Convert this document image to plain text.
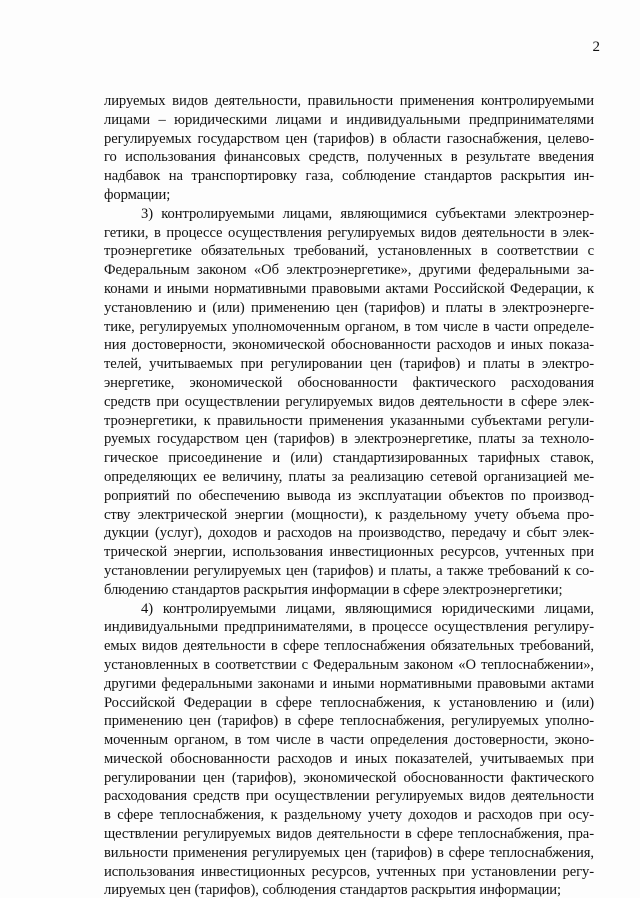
2
лируемых видов деятельности, правильности применения контролируемыми
лицами – юридическими лицами и индивидуальными предпринимателями
регулируемых государством цен (тарифов) в области газоснабжения, целево-
го использования финансовых средств, полученных в результате введения
надбавок на транспортировку газа, соблюдение стандартов раскрытия ин-
формации;
3) контролируемыми лицами, являющимися субъектами электроэнер-
гетики, в процессе осуществления регулируемых видов деятельности в элек-
троэнергетике обязательных требований, установленных в соответствии с
Федеральным законом «Об электроэнергетике», другими федеральными за-
конами и иными нормативными правовыми актами Российской Федерации, к
установлению и (или) применению цен (тарифов) и платы в электроэнерге-
тике, регулируемых уполномоченным органом, в том числе в части определе-
ния достоверности, экономической обоснованности расходов и иных показа-
телей, учитываемых при регулировании цен (тарифов) и платы в электро-
энергетике, экономической обоснованности фактического расходования
средств при осуществлении регулируемых видов деятельности в сфере элек-
троэнергетики, к правильности применения указанными субъектами регули-
руемых государством цен (тарифов) в электроэнергетике, платы за техноло-
гическое присоединение и (или) стандартизированных тарифных ставок,
определяющих ее величину, платы за реализацию сетевой организацией ме-
роприятий по обеспечению вывода из эксплуатации объектов по производ-
ству электрической энергии (мощности), к раздельному учету объема про-
дукции (услуг), доходов и расходов на производство, передачу и сбыт элек-
трической энергии, использования инвестиционных ресурсов, учтенных при
установлении регулируемых цен (тарифов) и платы, а также требований к со-
блюдению стандартов раскрытия информации в сфере электроэнергетики;
4) контролируемыми лицами, являющимися юридическими лицами,
индивидуальными предпринимателями, в процессе осуществления регулиру-
емых видов деятельности в сфере теплоснабжения обязательных требований,
установленных в соответствии с Федеральным законом «О теплоснабжении»,
другими федеральными законами и иными нормативными правовыми актами
Российской Федерации в сфере теплоснабжения, к установлению и (или)
применению цен (тарифов) в сфере теплоснабжения, регулируемых уполно-
моченным органом, в том числе в части определения достоверности, эконо-
мической обоснованности расходов и иных показателей, учитываемых при
регулировании цен (тарифов), экономической обоснованности фактического
расходования средств при осуществлении регулируемых видов деятельности
в сфере теплоснабжения, к раздельному учету доходов и расходов при осу-
ществлении регулируемых видов деятельности в сфере теплоснабжения, пра-
вильности применения регулируемых цен (тарифов) в сфере теплоснабжения,
использования инвестиционных ресурсов, учтенных при установлении регу-
лируемых цен (тарифов), соблюдения стандартов раскрытия информации;
